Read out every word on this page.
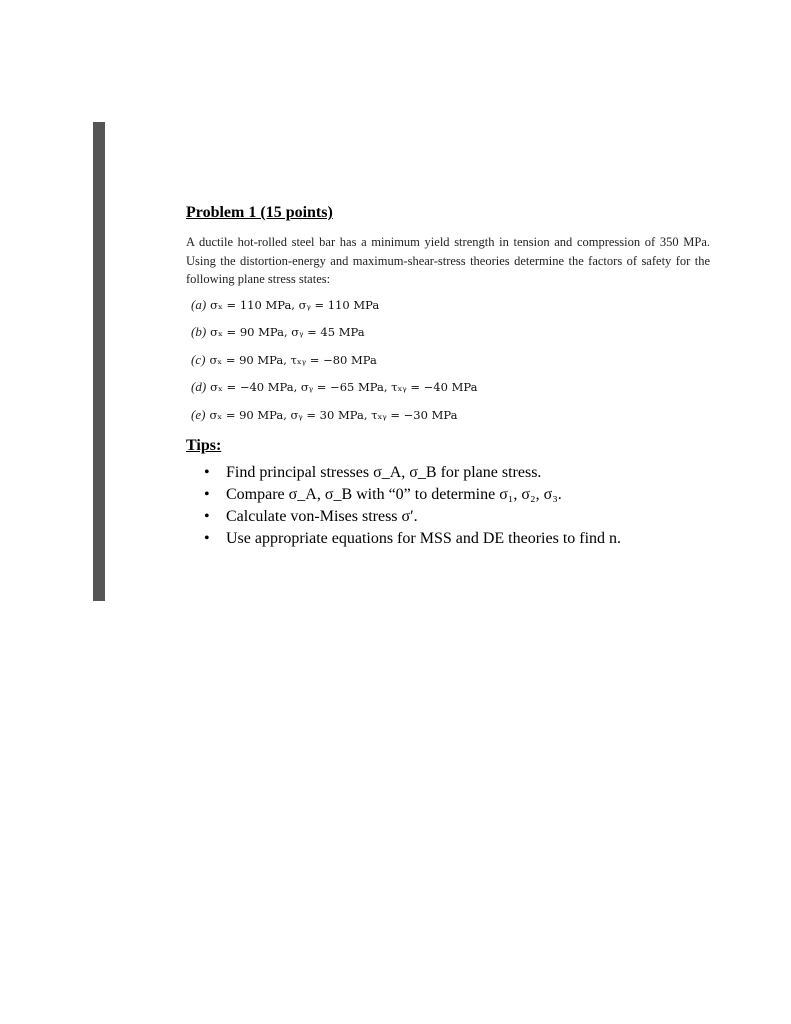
Problem 1 (15 points)

A ductile hot-rolled steel bar has a minimum yield strength in tension and compression of 350 MPa. Using the distortion-energy and maximum-shear-stress theories determine the factors of safety for the following plane stress states:

(a) σₓ = 110 MPa, σᵧ = 110 MPa
(b) σₓ = 90 MPa, σᵧ = 45 MPa
(c) σₓ = 90 MPa, τₓᵧ = −80 MPa
(d) σₓ = −40 MPa, σᵧ = −65 MPa, τₓᵧ = −40 MPa
(e) σₓ = 90 MPa, σᵧ = 30 MPa, τₓᵧ = −30 MPa
Tips:
•	Find principal stresses σ_A, σ_B for plane stress.
•	Compare σ_A, σ_B with “0” to determine σ₁, σ₂, σ₃.
•	Calculate von-Mises stress σ′.
•	Use appropriate equations for MSS and DE theories to find n.
